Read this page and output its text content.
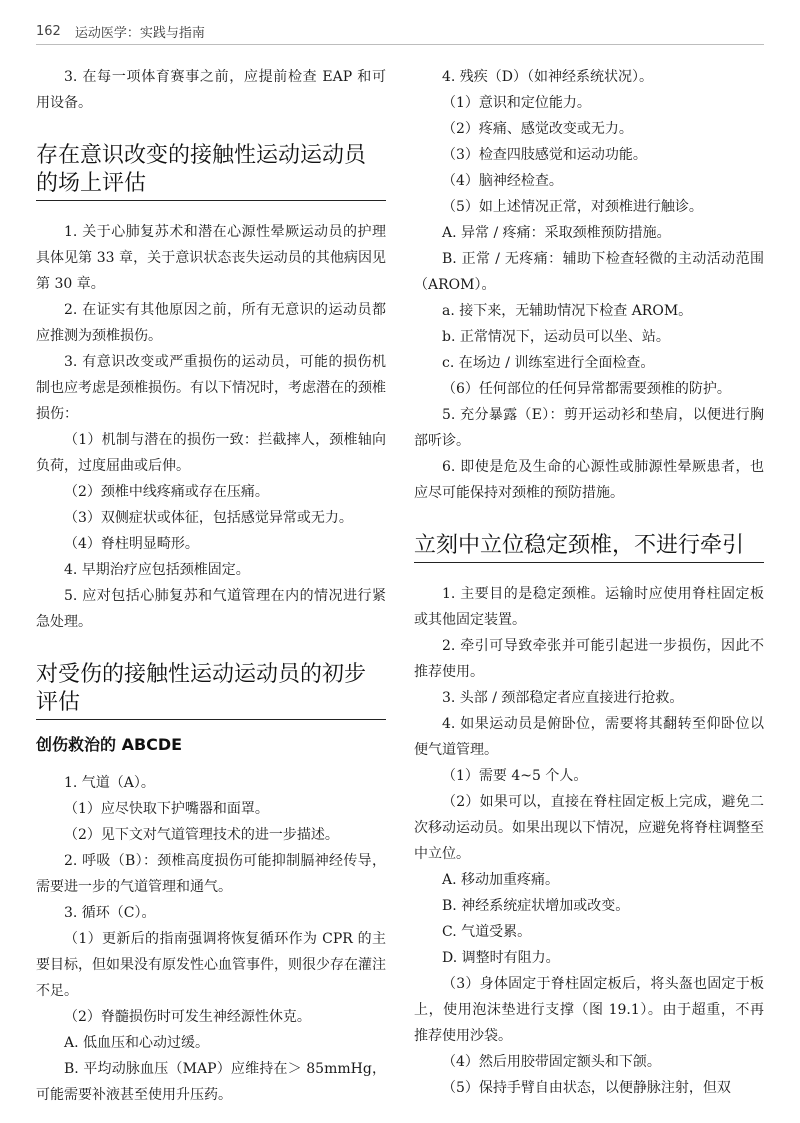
162 运动医学：实践与指南

3. 在每一项体育赛事之前，应提前检查 EAP 和可用设备。

存在意识改变的接触性运动运动员的场上评估

1. 关于心肺复苏术和潜在心源性晕厥运动员的护理具体见第 33 章，关于意识状态丧失运动员的其他病因见第 30 章。

2. 在证实有其他原因之前，所有无意识的运动员都应推测为颈椎损伤。

3. 有意识改变或严重损伤的运动员，可能的损伤机制也应考虑是颈椎损伤。有以下情况时，考虑潜在的颈椎损伤：

（1）机制与潜在的损伤一致：拦截摔人，颈椎轴向负荷，过度屈曲或后伸。

（2）颈椎中线疼痛或存在压痛。

（3）双侧症状或体征，包括感觉异常或无力。

（4）脊柱明显畸形。

4. 早期治疗应包括颈椎固定。

5. 应对包括心肺复苏和气道管理在内的情况进行紧急处理。

对受伤的接触性运动运动员的初步评估
创伤救治的 ABCDE

1. 气道（A）。

（1）应尽快取下护嘴器和面罩。

（2）见下文对气道管理技术的进一步描述。

2. 呼吸（B）：颈椎高度损伤可能抑制膈神经传导，需要进一步的气道管理和通气。

3. 循环（C）。

（1）更新后的指南强调将恢复循环作为 CPR 的主要目标，但如果没有原发性心血管事件，则很少存在灌注不足。

（2）脊髓损伤时可发生神经源性休克。

A. 低血压和心动过缓。

B. 平均动脉血压（MAP）应维持在＞ 85mmHg，可能需要补液甚至使用升压药。

4. 残疾（D）（如神经系统状况）。

（1）意识和定位能力。

（2）疼痛、感觉改变或无力。

（3）检查四肢感觉和运动功能。

（4）脑神经检查。

（5）如上述情况正常，对颈椎进行触诊。

A. 异常 / 疼痛：采取颈椎预防措施。

B. 正常 / 无疼痛：辅助下检查轻微的主动活动范围（AROM）。

a. 接下来，无辅助情况下检查 AROM。

b. 正常情况下，运动员可以坐、站。

c. 在场边 / 训练室进行全面检查。

（6）任何部位的任何异常都需要颈椎的防护。

5. 充分暴露（E）：剪开运动衫和垫肩，以便进行胸部听诊。

6. 即使是危及生命的心源性或肺源性晕厥患者，也应尽可能保持对颈椎的预防措施。

立刻中立位稳定颈椎，不进行牵引

1. 主要目的是稳定颈椎。运输时应使用脊柱固定板或其他固定装置。

2. 牵引可导致牵张并可能引起进一步损伤，因此不推荐使用。

3. 头部 / 颈部稳定者应直接进行抢救。

4. 如果运动员是俯卧位，需要将其翻转至仰卧位以便气道管理。

（1）需要 4~5 个人。

（2）如果可以，直接在脊柱固定板上完成，避免二次移动运动员。如果出现以下情况，应避免将脊柱调整至中立位。

A. 移动加重疼痛。

B. 神经系统症状增加或改变。

C. 气道受累。

D. 调整时有阻力。

（3）身体固定于脊柱固定板后，将头盔也固定于板上，使用泡沫垫进行支撑（图 19.1）。由于超重，不再推荐使用沙袋。

（4）然后用胶带固定额头和下颌。

（5）保持手臂自由状态，以便静脉注射，但双
